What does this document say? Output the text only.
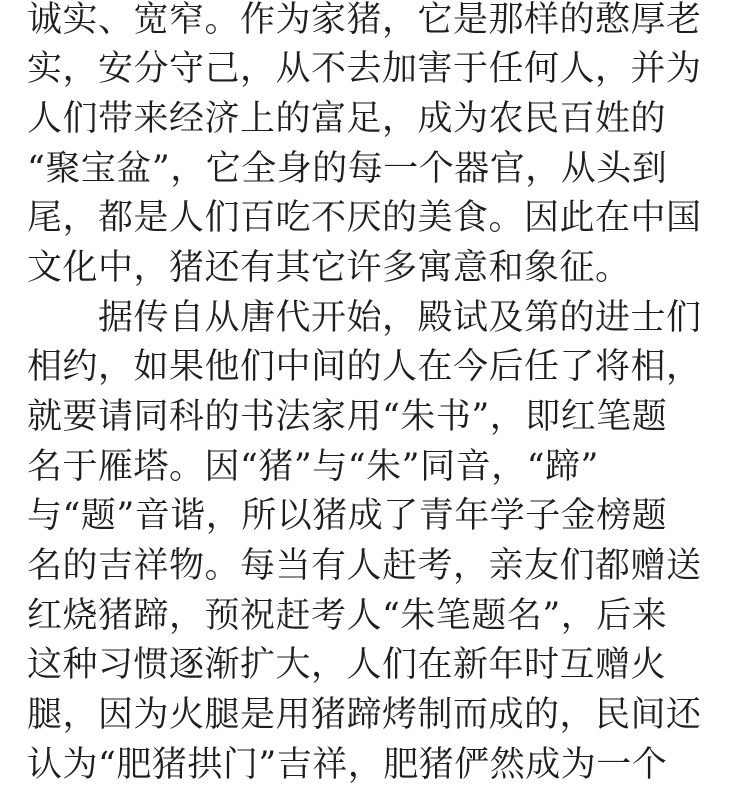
诚实、宽窄。作为家猪，它是那样的憨厚老
实，安分守己，从不去加害于任何人，并为
人们带来经济上的富足，成为农民百姓的
“聚宝盆”，它全身的每一个器官，从头到
尾，都是人们百吃不厌的美食。因此在中国
文化中，猪还有其它许多寓意和象征。
　　据传自从唐代开始，殿试及第的进士们
相约，如果他们中间的人在今后任了将相，
就要请同科的书法家用“朱书”，即红笔题
名于雁塔。因“猪”与“朱”同音，“蹄”
与“题”音谐，所以猪成了青年学子金榜题
名的吉祥物。每当有人赶考，亲友们都赠送
红烧猪蹄，预祝赶考人“朱笔题名”，后来
这种习惯逐渐扩大，人们在新年时互赠火
腿，因为火腿是用猪蹄烤制而成的，民间还
认为“肥猪拱门”吉祥，肥猪俨然成为一个
